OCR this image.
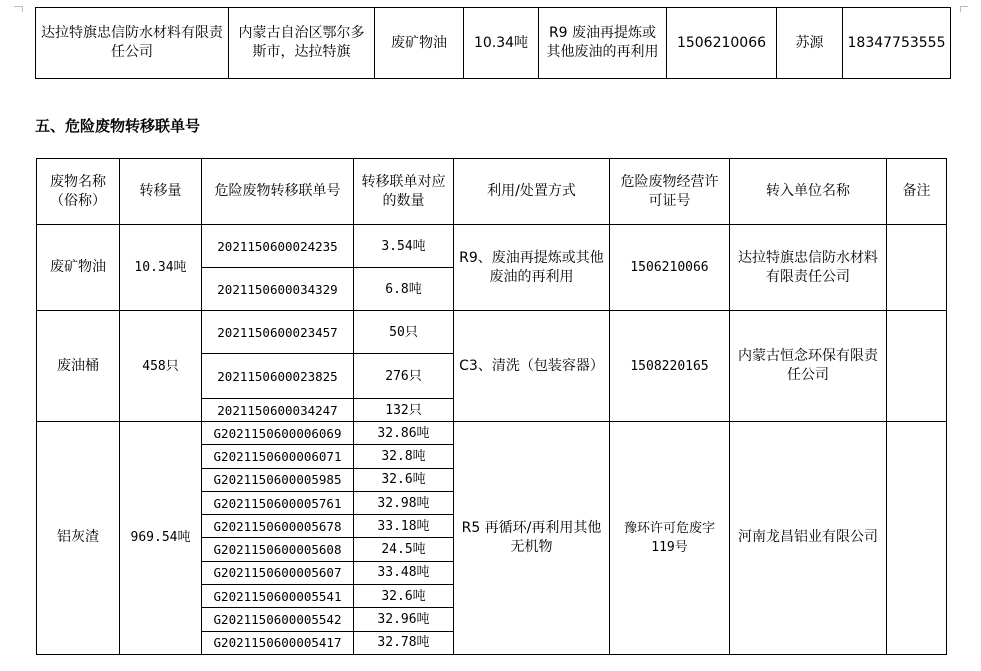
达拉特旗忠信防水材料有限责任公司	内蒙古自治区鄂尔多斯市，达拉特旗	废矿物油	10.34吨	R9 废油再提炼或其他废油的再利用	1506210066	苏源	18347753555
五、危险废物转移联单号
废物名称（俗称）	转移量	危险废物转移联单号	转移联单对应的数量	利用/处置方式	危险废物经营许可证号	转入单位名称	备注
废矿物油	10.34吨	2021150600024235	3.54吨	R9、废油再提炼或其他废油的再利用	1506210066	达拉特旗忠信防水材料有限责任公司	
		2021150600034329	6.8吨				
废油桶	458只	2021150600023457	50只	C3、清洗（包装容器）	1508220165	内蒙古恒念环保有限责任公司	
		2021150600023825	276只				
		2021150600034247	132只				
铝灰渣	969.54吨	G2021150600006069	32.86吨	R5 再循环/再利用其他无机物	豫环许可危废字119号	河南龙昌铝业有限公司	
		G2021150600006071	32.8吨				
		G2021150600005985	32.6吨				
		G2021150600005761	32.98吨				
		G2021150600005678	33.18吨				
		G2021150600005608	24.5吨				
		G2021150600005607	33.48吨				
		G2021150600005541	32.6吨				
		G2021150600005542	32.96吨				
		G2021150600005417	32.78吨				
